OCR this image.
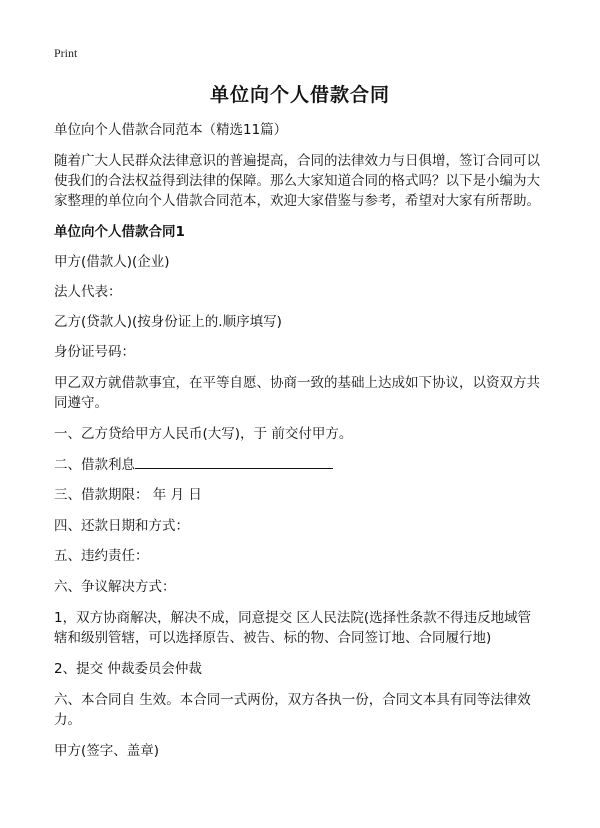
Print
单位向个人借款合同
单位向个人借款合同范本（精选11篇）
随着广大人民群众法律意识的普遍提高，合同的法律效力与日俱增，签订合同可以
使我们的合法权益得到法律的保障。那么大家知道合同的格式吗？以下是小编为大
家整理的单位向个人借款合同范本，欢迎大家借鉴与参考，希望对大家有所帮助。
单位向个人借款合同1
甲方(借款人)(企业)
法人代表：
乙方(贷款人)(按身份证上的.顺序填写)
身份证号码：
甲乙双方就借款事宜，在平等自愿、协商一致的基础上达成如下协议，以资双方共
同遵守。
一、乙方贷给甲方人民币(大写)，于 前交付甲方。
二、借款利息
三、借款期限： 年 月 日
四、还款日期和方式：
五、违约责任：
六、争议解决方式：
1，双方协商解决，解决不成，同意提交 区人民法院(选择性条款不得违反地域管
辖和级别管辖，可以选择原告、被告、标的物、合同签订地、合同履行地)
2、提交 仲裁委员会仲裁
六、本合同自 生效。本合同一式两份，双方各执一份，合同文本具有同等法律效
力。
甲方(签字、盖章)
